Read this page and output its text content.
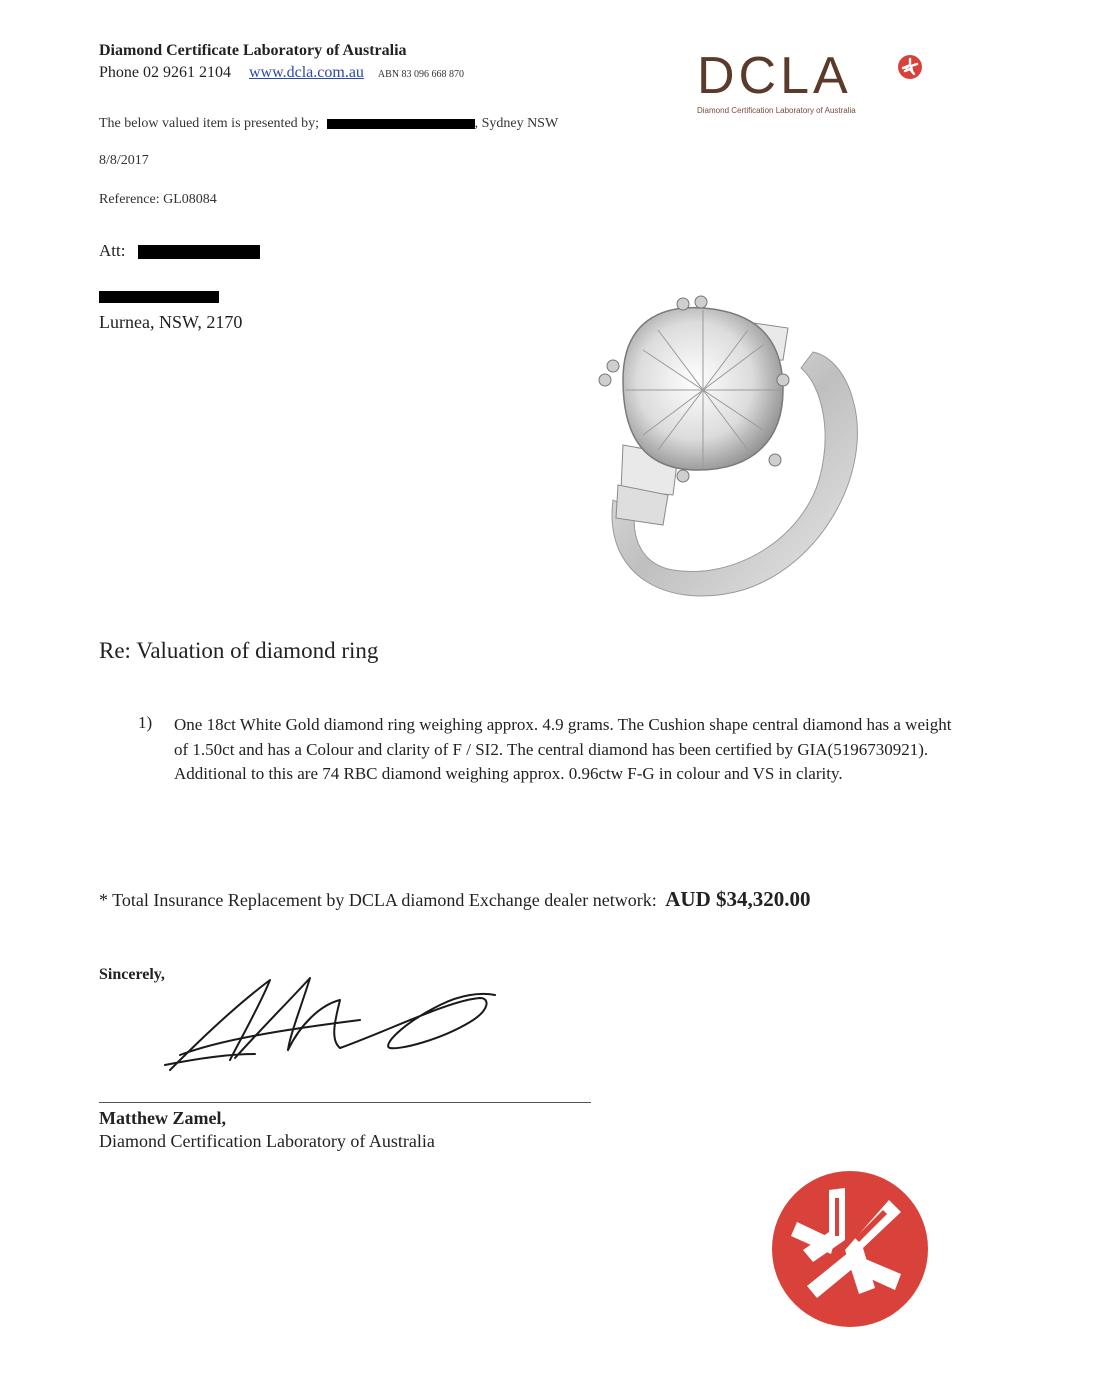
Diamond Certificate Laboratory of Australia
Phone 02 9261 2104 www.dcla.com.au ABN 83 096 668 870	DCLA
Diamond Certification Laboratory of Australia
The below valued item is presented by;	, Sydney NSW
8/8/2017
Reference: GL08084
Att:
Lurnea, NSW, 2170
Re: Valuation of diamond ring
1) One 18ct White Gold diamond ring weighing approx. 4.9 grams. The Cushion shape central diamond has a weight of 1.50ct and has a Colour and clarity of F / SI2. The central diamond has been certified by GIA(5196730921). Additional to this are 74 RBC diamond weighing approx. 0.96ctw F-G in colour and VS in clarity.
* Total Insurance Replacement by DCLA diamond Exchange dealer network: AUD $34,320.00
Sincerely,
Matthew Zamel,
Diamond Certification Laboratory of Australia
